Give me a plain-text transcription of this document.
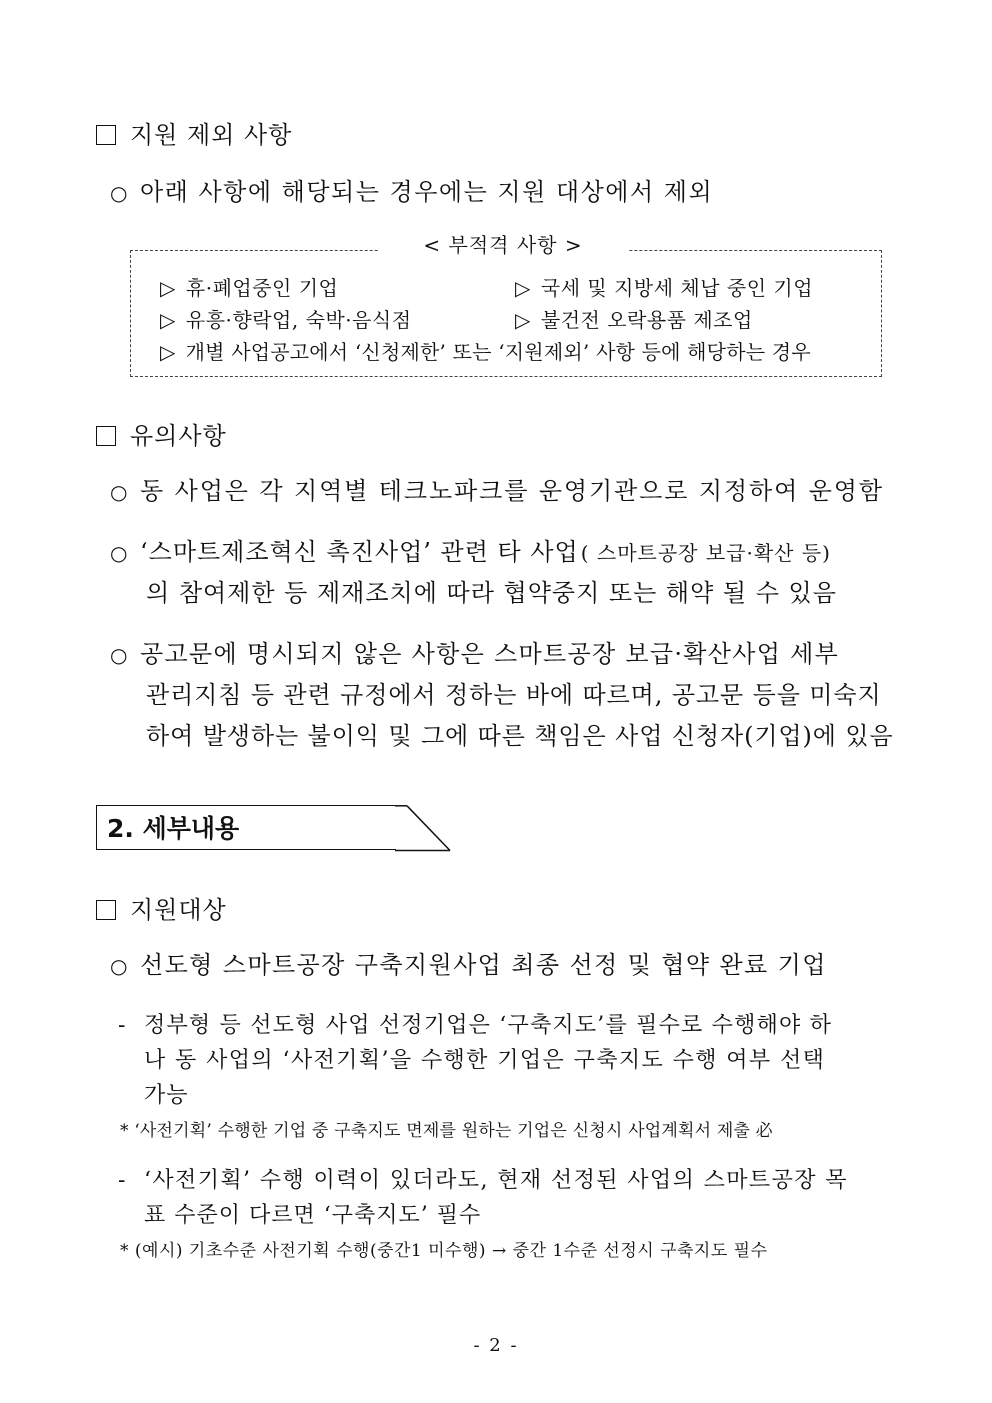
지원 제외 사항
○ 아래 사항에 해당되는 경우에는 지원 대상에서 제외
< 부적격 사항 >
▷ 휴·폐업중인 기업	▷ 국세 및 지방세 체납 중인 기업
▷ 유흥·향락업, 숙박·음식점	▷ 불건전 오락용품 제조업
▷ 개별 사업공고에서 ‘신청제한’ 또는 ‘지원제외’ 사항 등에 해당하는 경우
유의사항
○ 동 사업은 각 지역별 테크노파크를 운영기관으로 지정하여 운영함
○ ‘스마트제조혁신 촉진사업’ 관련 타 사업 ( 스마트공장 보급·확산 등)
의 참여제한 등 제재조치에 따라 협약중지 또는 해약 될 수 있음
○ 공고문에 명시되지 않은 사항은 스마트공장 보급·확산사업 세부
관리지침 등 관련 규정에서 정하는 바에 따르며, 공고문 등을 미숙지
하여 발생하는 불이익 및 그에 따른 책임은 사업 신청자(기업)에 있음
2. 세부내용
지원대상
○ 선도형 스마트공장 구축지원사업 최종 선정 및 협약 완료 기업
- 정부형 등 선도형 사업 선정기업은 ‘구축지도’를 필수로 수행해야 하
나 동 사업의 ‘사전기획’을 수행한 기업은 구축지도 수행 여부 선택
가능
* ‘사전기획’ 수행한 기업 중 구축지도 면제를 원하는 기업은 신청시 사업계획서 제출 必
- ‘사전기획’ 수행 이력이 있더라도, 현재 선정된 사업의 스마트공장 목
표 수준이 다르면 ‘구축지도’ 필수
* (예시) 기초수준 사전기획 수행(중간1 미수행) → 중간 1수준 선정시 구축지도 필수
- 2 -
